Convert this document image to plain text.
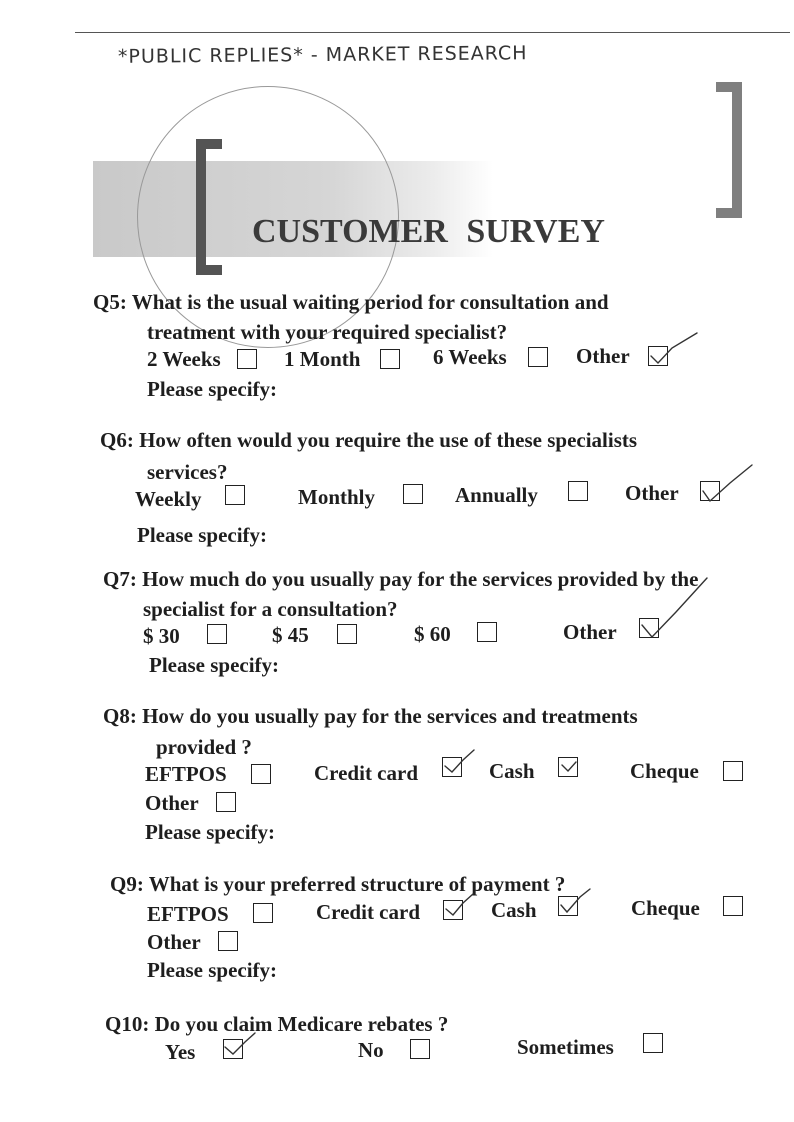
*PUBLIC REPLIES* - MARKET RESEARCH
CUSTOMER SURVEY
Q5: What is the usual waiting period for consultation and
treatment with your required specialist?
2 Weeks	1 Month	6 Weeks	Other
Please specify:
Q6: How often would you require the use of these specialists
services?
Weekly	Monthly	Annually	Other
Please specify:
Q7: How much do you usually pay for the services provided by the
specialist for a consultation?
$ 30	$ 45	$ 60	Other
Please specify:
Q8: How do you usually pay for the services and treatments
provided ?
EFTPOS	Credit card	Cash	Cheque
Other
Please specify:
Q9: What is your preferred structure of payment ?
EFTPOS	Credit card	Cash	Cheque
Other
Please specify:
Q10: Do you claim Medicare rebates ?
Yes	No	Sometimes
